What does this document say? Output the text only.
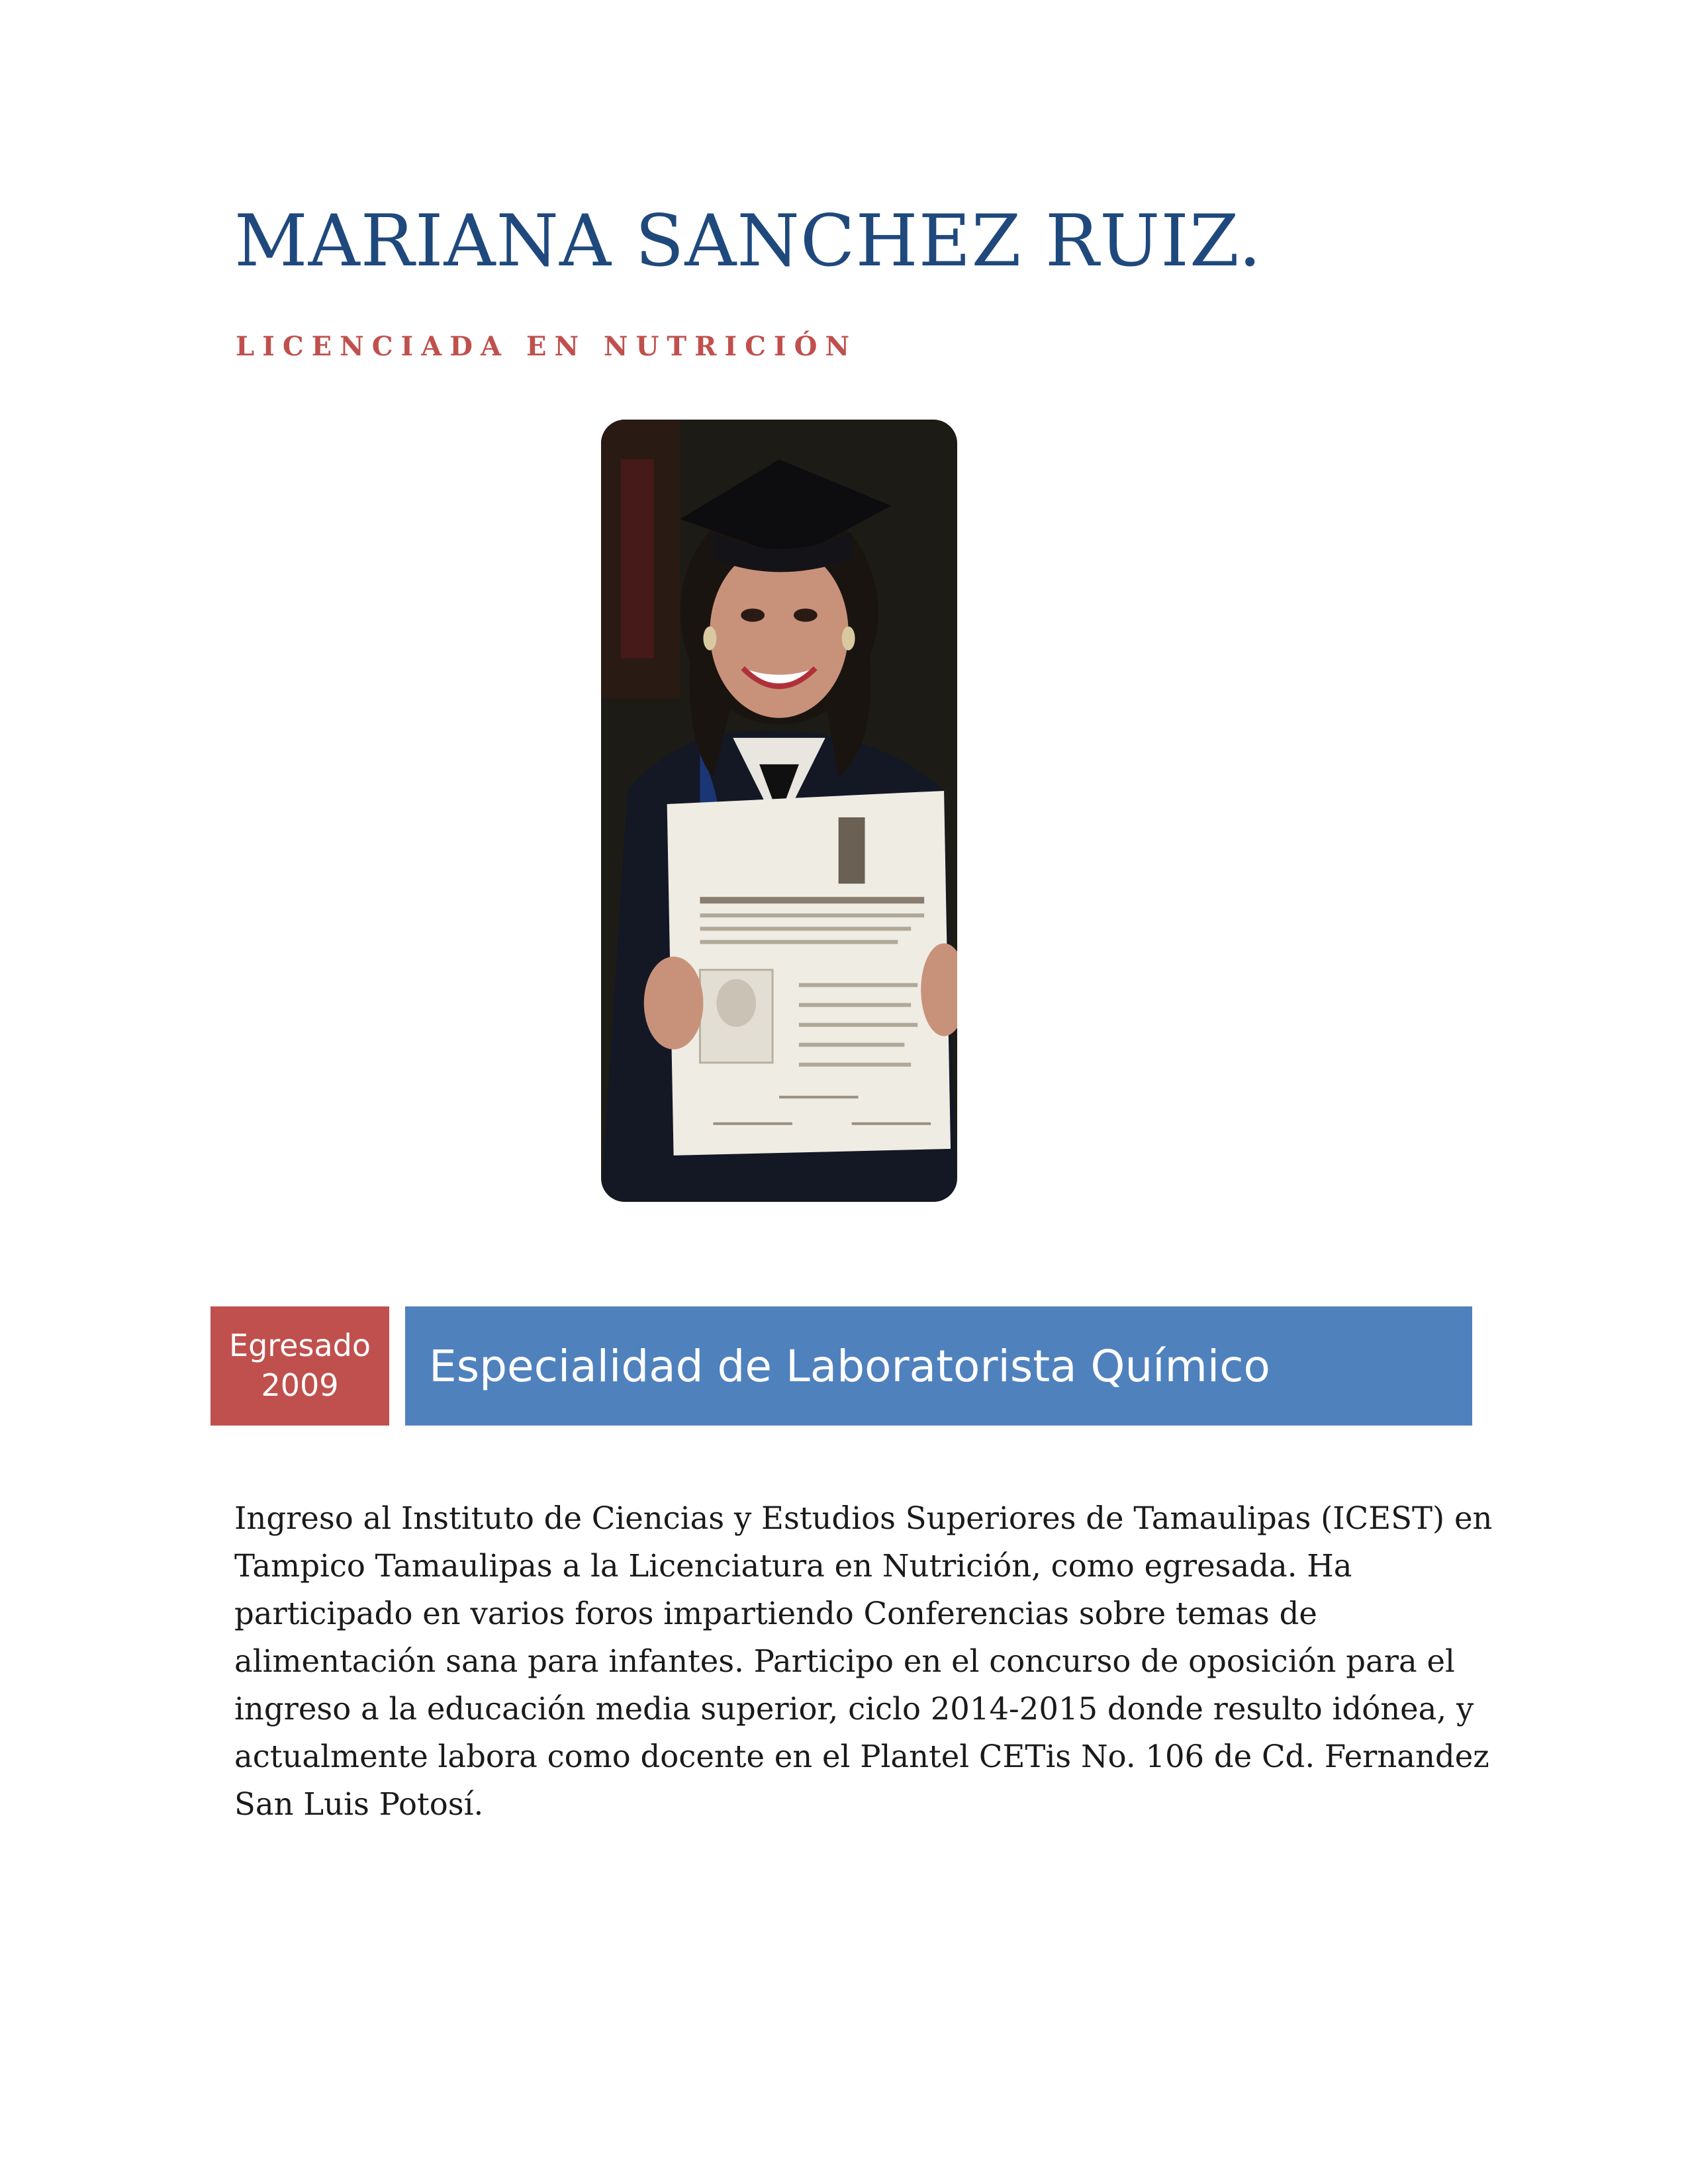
MARIANA SANCHEZ RUIZ.
LICENCIADA EN NUTRICIÓN
Egresado
2009 Especialidad de Laboratorista Químico
Ingreso al Instituto de Ciencias y Estudios Superiores de Tamaulipas (ICEST) en
Tampico Tamaulipas a la Licenciatura en Nutrición, como egresada. Ha
participado en varios foros impartiendo Conferencias sobre temas de
alimentación sana para infantes. Participo en el concurso de oposición para el
ingreso a la educación media superior, ciclo 2014-2015 donde resulto idónea, y
actualmente labora como docente en el Plantel CETis No. 106 de Cd. Fernandez
San Luis Potosí.
